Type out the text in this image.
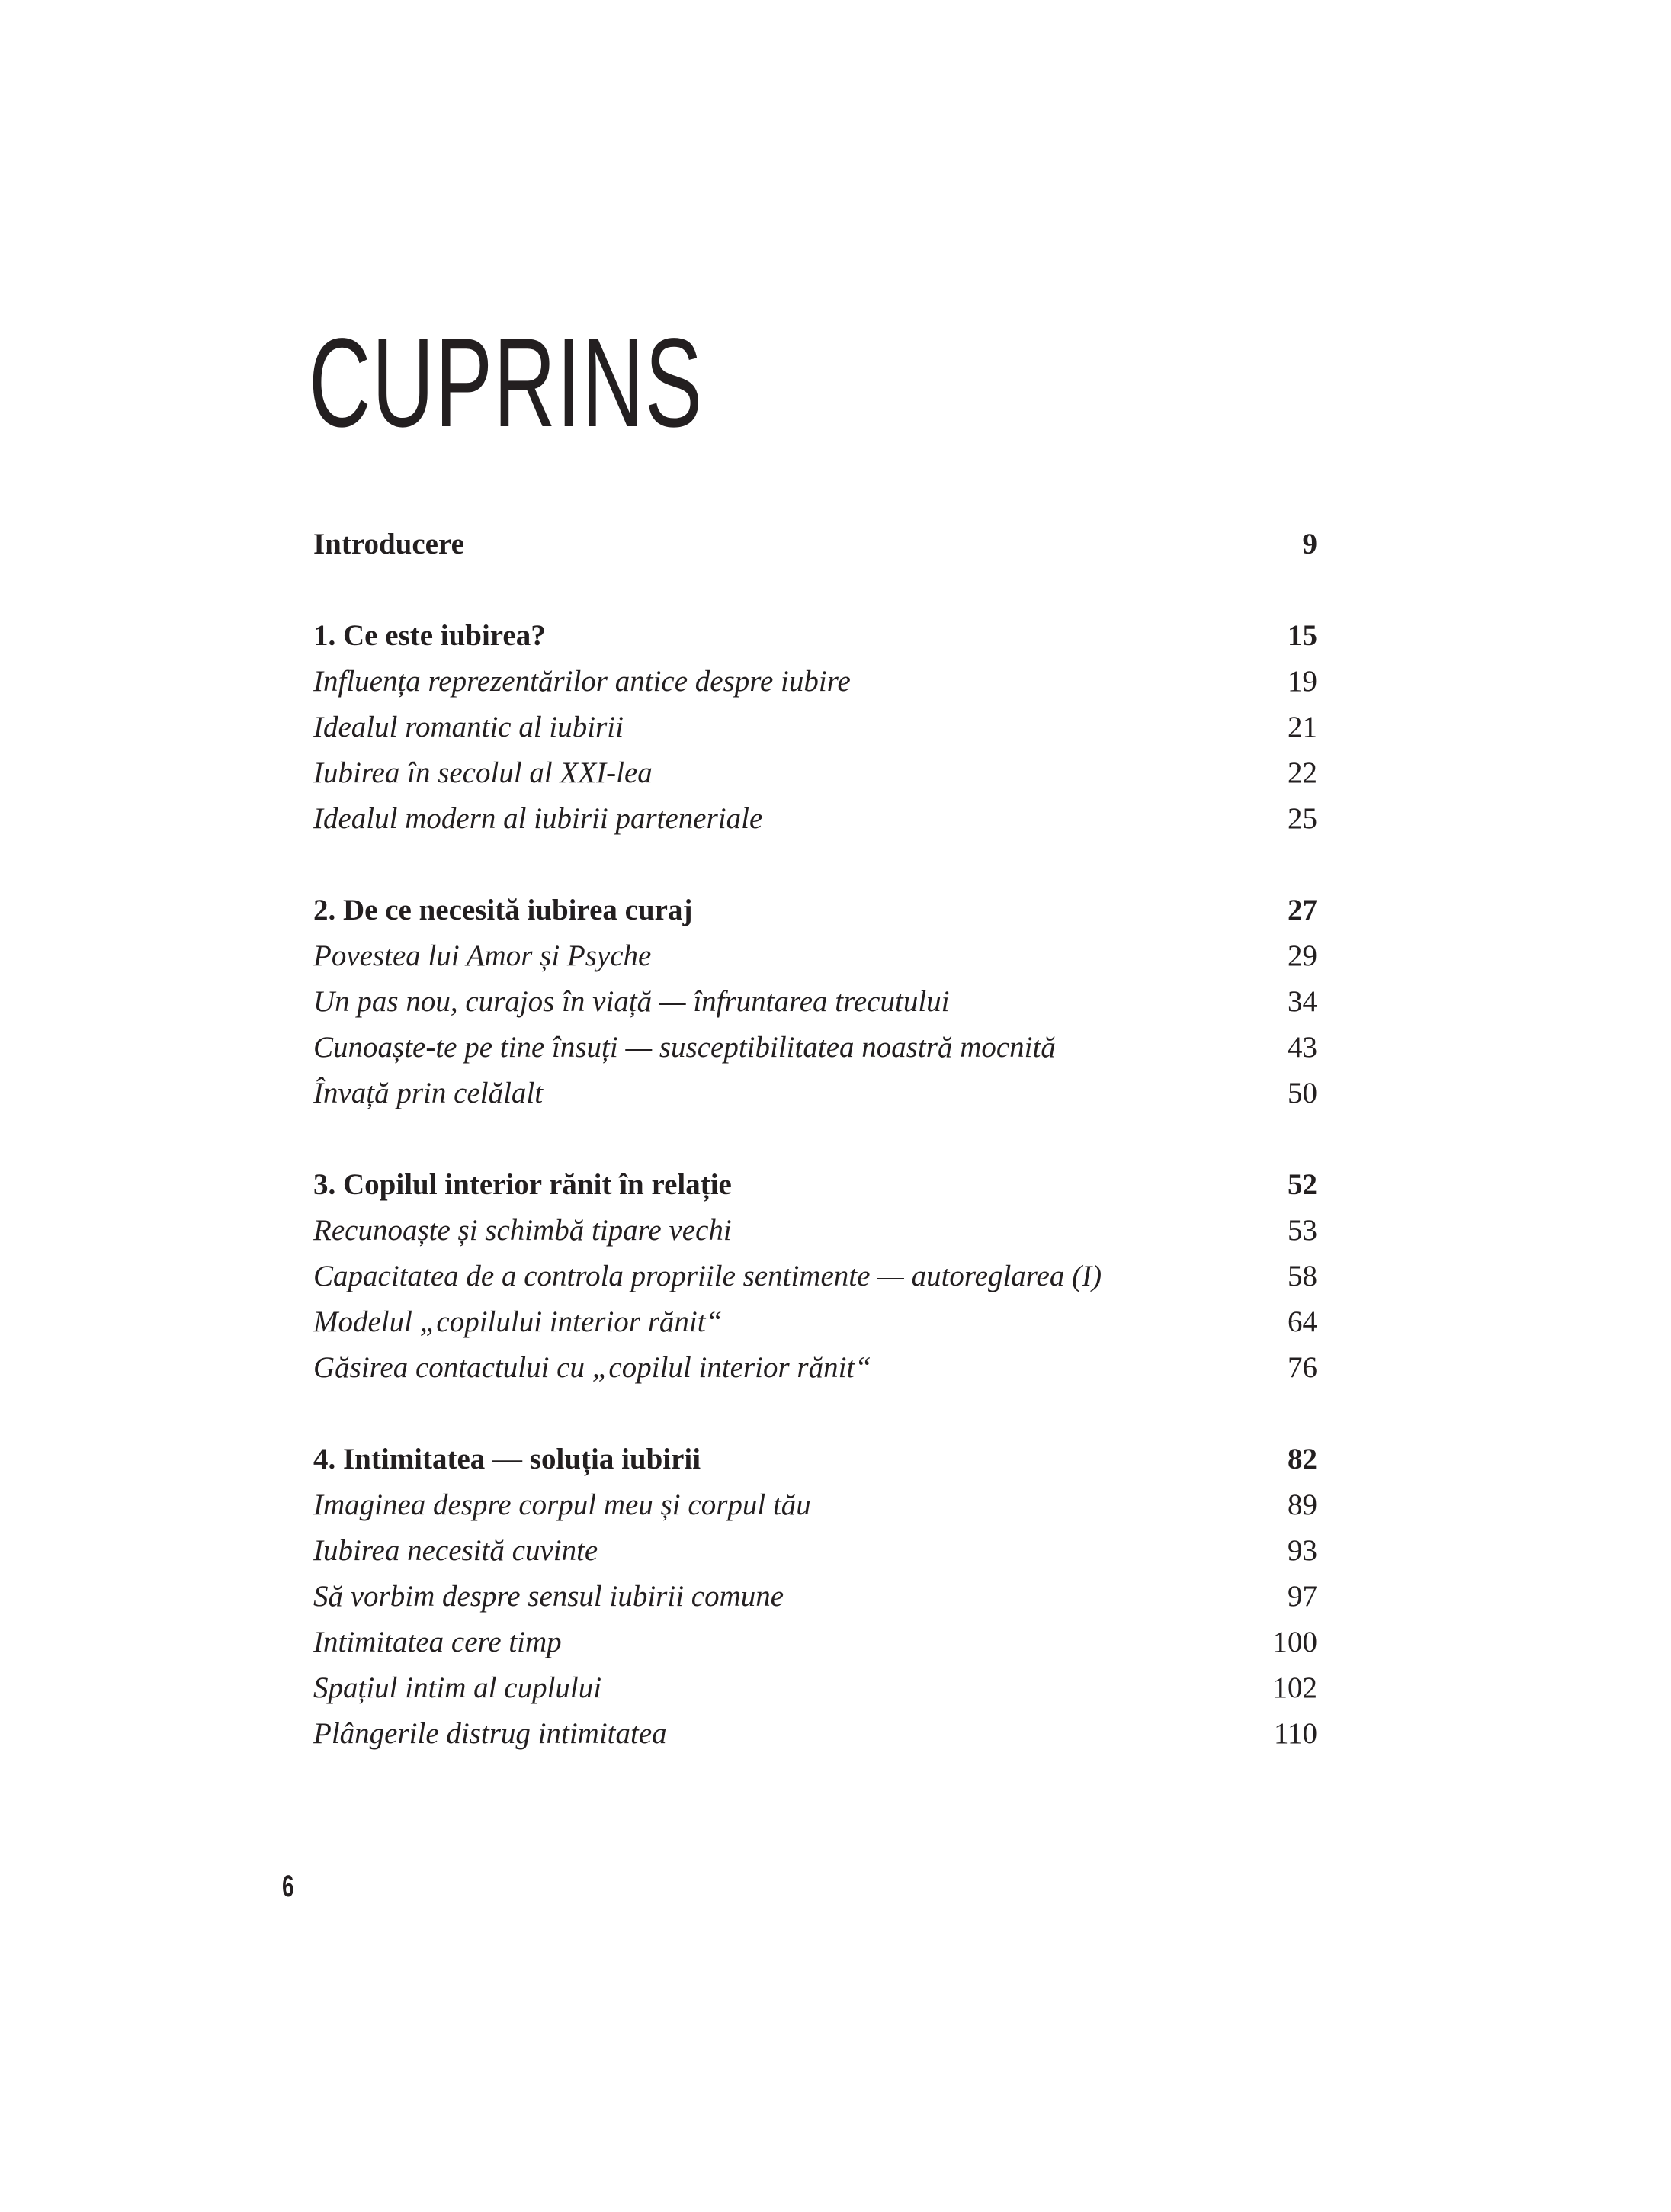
CUPRINS
Introducere	9
1. Ce este iubirea?	15
Influența reprezentărilor antice despre iubire	19
Idealul romantic al iubirii	21
Iubirea în secolul al XXI-lea	22
Idealul modern al iubirii parteneriale	25
2. De ce necesită iubirea curaj	27
Povestea lui Amor și Psyche	29
Un pas nou, curajos în viață — înfruntarea trecutului	34
Cunoaște-te pe tine însuți — susceptibilitatea noastră mocnită	43
Învață prin celălalt	50
3. Copilul interior rănit în relație	52
Recunoaște și schimbă tipare vechi	53
Capacitatea de a controla propriile sentimente — autoreglarea (I)	58
Modelul „copilului interior rănit“	64
Găsirea contactului cu „copilul interior rănit“	76
4. Intimitatea — soluția iubirii	82
Imaginea despre corpul meu și corpul tău	89
Iubirea necesită cuvinte	93
Să vorbim despre sensul iubirii comune	97
Intimitatea cere timp	100
Spațiul intim al cuplului	102
Plângerile distrug intimitatea	110
6
